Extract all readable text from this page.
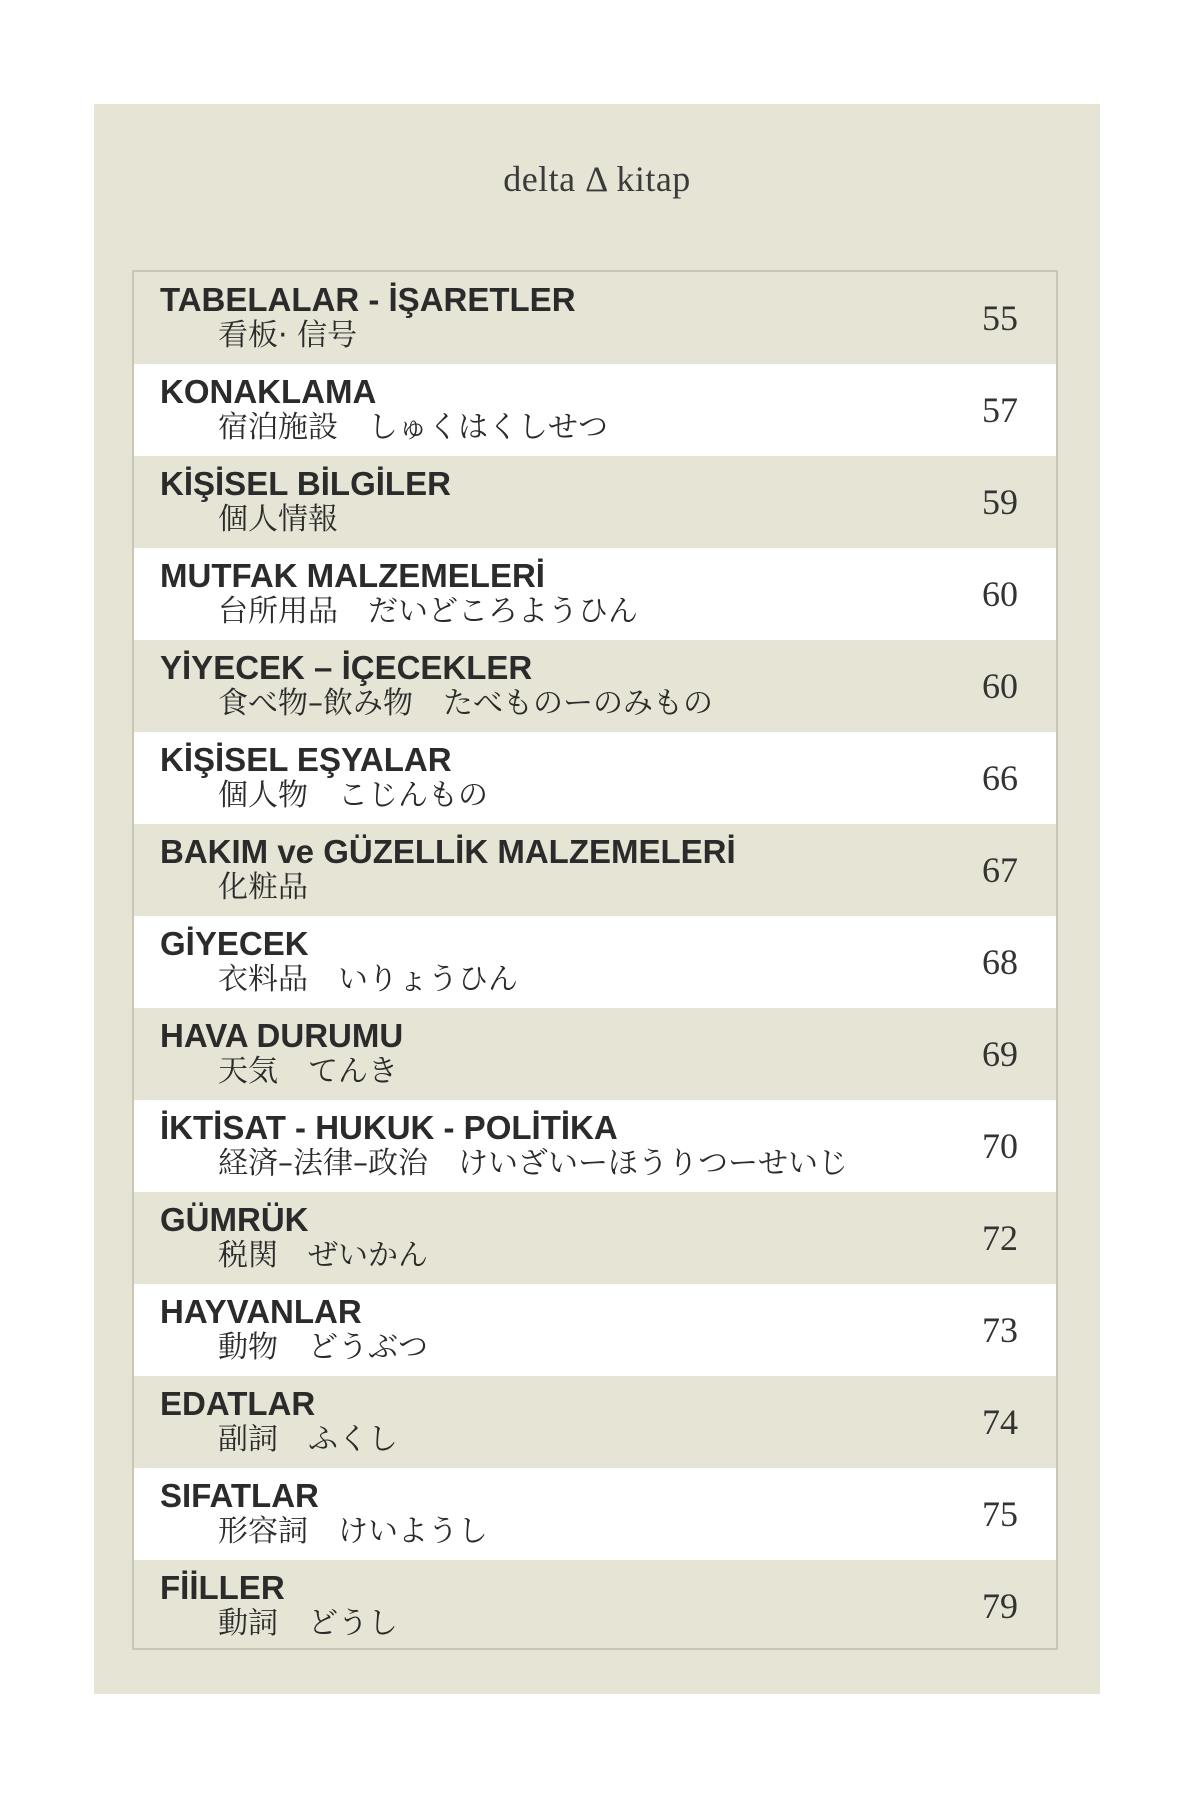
delta Δ kitap
TABELALAR - İŞARETLER
看板· 信号	55
KONAKLAMA
宿泊施設　しゅくはくしせつ	57
KİŞİSEL BİLGİLER
個人情報	59
MUTFAK MALZEMELERİ
台所用品　だいどころようひん	60
YİYECEK – İÇECEKLER
食べ物–飲み物　たべものーのみもの	60
KİŞİSEL EŞYALAR
個人物　こじんもの	66
BAKIM ve GÜZELLİK MALZEMELERİ
化粧品	67
GİYECEK
衣料品　いりょうひん	68
HAVA DURUMU
天気　てんき	69
İKTİSAT - HUKUK - POLİTİKA
経済–法律–政治　けいざいーほうりつーせいじ	70
GÜMRÜK
税関　ぜいかん	72
HAYVANLAR
動物　どうぶつ	73
EDATLAR
副詞　ふくし	74
SIFATLAR
形容詞　けいようし	75
FİİLLER
動詞　どうし	79
